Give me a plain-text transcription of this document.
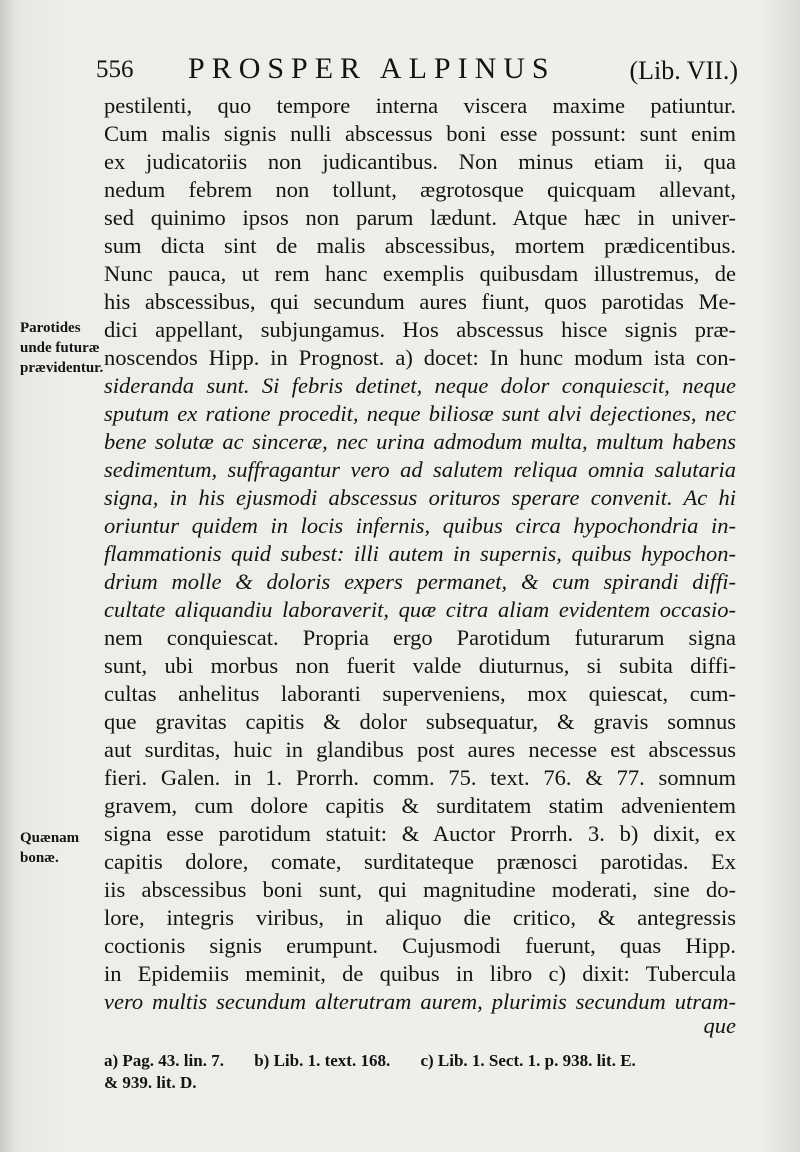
556 PROSPER ALPINUS	(Lib. VII.)
Parotides unde futuræ prævidentur.
Quænam bonæ.
pestilenti, quo tempore interna viscera maxime patiuntur.
Cum malis signis nulli abscessus boni esse possunt: sunt enim
ex judicatoriis non judicantibus. Non minus etiam ii, qua
nedum febrem non tollunt, ægrotosque quicquam allevant,
sed quinimo ipsos non parum lædunt. Atque hæc in univer-
sum dicta sint de malis abscessibus, mortem prædicentibus.
Nunc pauca, ut rem hanc exemplis quibusdam illustremus, de
his abscessibus, qui secundum aures fiunt, quos parotidas Me-
dici appellant, subjungamus. Hos abscessus hisce signis præ-
noscendos Hipp. in Prognost. a) docet: In hunc modum ista con-
sideranda sunt. Si febris detinet, neque dolor conquiescit, neque
sputum ex ratione procedit, neque biliosæ sunt alvi dejectiones, nec
bene solutæ ac sinceræ, nec urina admodum multa, multum habens
sedimentum, suffragantur vero ad salutem reliqua omnia salutaria
signa, in his ejusmodi abscessus orituros sperare convenit. Ac hi
oriuntur quidem in locis infernis, quibus circa hypochondria in-
flammationis quid subest: illi autem in supernis, quibus hypochon-
drium molle & doloris expers permanet, & cum spirandi diffi-
cultate aliquandiu laboraverit, quæ citra aliam evidentem occasio-
nem conquiescat. Propria ergo Parotidum futurarum signa
sunt, ubi morbus non fuerit valde diuturnus, si subita diffi-
cultas anhelitus laboranti superveniens, mox quiescat, cum-
que gravitas capitis & dolor subsequatur, & gravis somnus
aut surditas, huic in glandibus post aures necesse est abscessus
fieri. Galen. in 1. Prorrh. comm. 75. text. 76. & 77. somnum
gravem, cum dolore capitis & surditatem statim advenientem
signa esse parotidum statuit: & Auctor Prorrh. 3. b) dixit, ex
capitis dolore, comate, surditateque prænosci parotidas. Ex
iis abscessibus boni sunt, qui magnitudine moderati, sine do-
lore, integris viribus, in aliquo die critico, & antegressis
coctionis signis erumpunt. Cujusmodi fuerunt, quas Hipp.
in Epidemiis meminit, de quibus in libro c) dixit: Tubercula
vero multis secundum alterutram aurem, plurimis secundum utram-
que
a) Pag. 43. lin. 7. b) Lib. 1. text. 168. c) Lib. 1. Sect. 1. p. 938. lit. E.
& 939. lit. D.
